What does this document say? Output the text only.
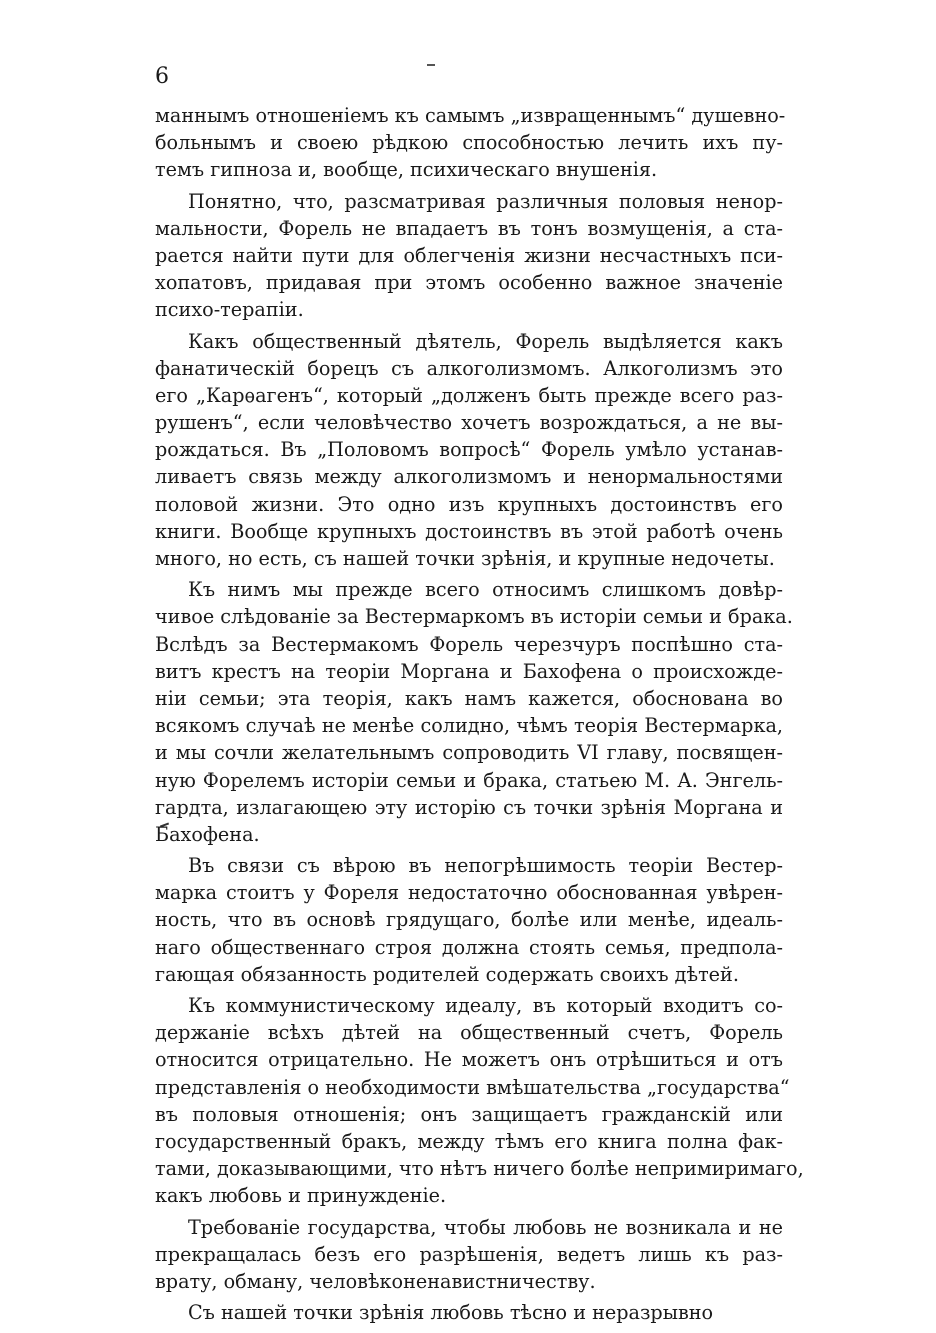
6
маннымъ отношенiемъ къ самымъ „извращеннымъ“ душевно-
больнымъ и своею рѣдкою способностью лечить ихъ пу-
темъ гипноза и, вообще, психическаго внушенiя.
Понятно, что, разсматривая различныя половыя ненор-
мальности, Форель не впадаетъ въ тонъ возмущенiя, а ста-
рается найти пути для облегченiя жизни несчастныхъ пси-
хопатовъ, придавая при этомъ особенно важное значенiе
психо-терапiи.
Какъ общественный дѣятель, Форель выдѣляется какъ
фанатическiй борецъ съ алкоголизмомъ. Алкоголизмъ это
его „Карѳагенъ“, который „долженъ быть прежде всего раз-
рушенъ“, если человѣчество хочетъ возрождаться, а не вы-
рождаться. Въ „Половомъ вопросѣ“ Форель умѣло устанав-
ливаетъ связь между алкоголизмомъ и ненормальностями
половой жизни. Это одно изъ крупныхъ достоинствъ его
книги. Вообще крупныхъ достоинствъ въ этой работѣ очень
много, но есть, съ нашей точки зрѣнiя, и крупные недочеты.
Къ нимъ мы прежде всего относимъ слишкомъ довѣр-
чивое слѣдованiе за Вестермаркомъ въ исторiи семьи и брака.
Вслѣдъ за Вестермакомъ Форель черезчуръ поспѣшно ста-
витъ крестъ на теорiи Моргана и Бахофена о происхожде-
нiи семьи; эта теорiя, какъ намъ кажется, обоснована во
всякомъ случаѣ не менѣе солидно, чѣмъ теорiя Вестермарка,
и мы сочли желательнымъ сопроводить VI главу, посвящен-
ную Форелемъ исторiи семьи и брака, статьею М. А. Энгель-
гардта, излагающею эту исторiю съ точки зрѣнiя Моргана и
Бахофена.
Въ связи съ вѣрою въ непогрѣшимость теорiи Вестер-
марка стоитъ у Фореля недостаточно обоснованная увѣрен-
ность, что въ основѣ грядущаго, болѣе или менѣе, идеаль-
наго общественнаго строя должна стоять семья, предпола-
гающая обязанность родителей содержать своихъ дѣтей.
Къ коммунистическому идеалу, въ который входитъ со-
держанiе всѣхъ дѣтей на общественный счетъ, Форель
относится отрицательно. Не можетъ онъ отрѣшиться и отъ
представленiя о необходимости вмѣшательства „государства“
въ половыя отношенiя; онъ защищаетъ гражданскiй или
государственный бракъ, между тѣмъ его книга полна фак-
тами, доказывающими, что нѣтъ ничего болѣе непримиримаго,
какъ любовь и принужденiе.
Требованiе государства, чтобы любовь не возникала и не
прекращалась безъ его разрѣшенiя, ведетъ лишь къ раз-
врату, обману, человѣконенавистничеству.
Съ нашей точки зрѣнiя любовь тѣсно и неразрывно
